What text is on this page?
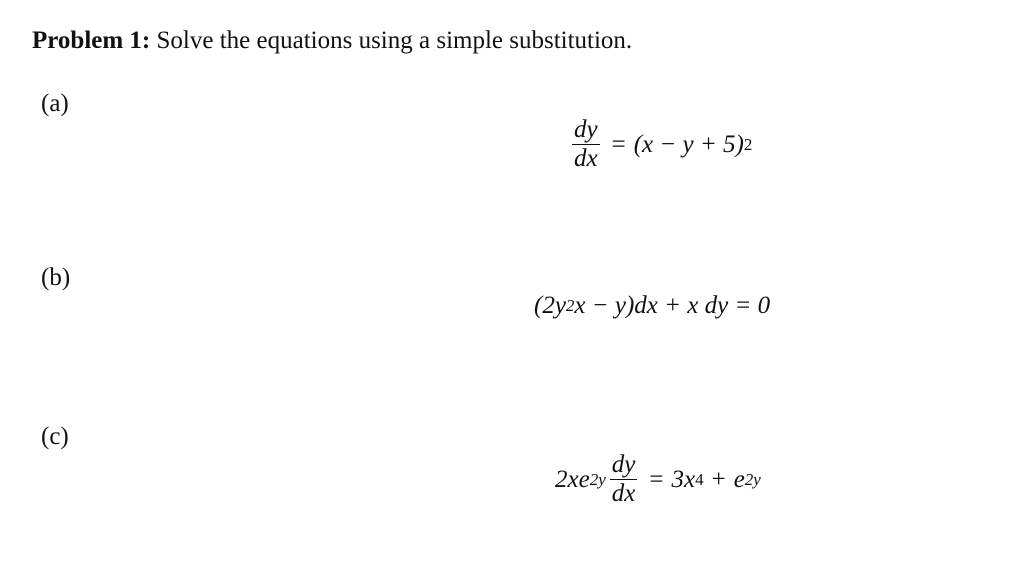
Problem 1: Solve the equations using a simple substitution.
(a)
$\frac{dy}{dx} = (x - y + 5)$ 2
(b)
(2y 2 x − y)dx + x dy = 0
(c)
2xe $2y \frac{dy}{dx} = 3x$ 4 + e 2y
